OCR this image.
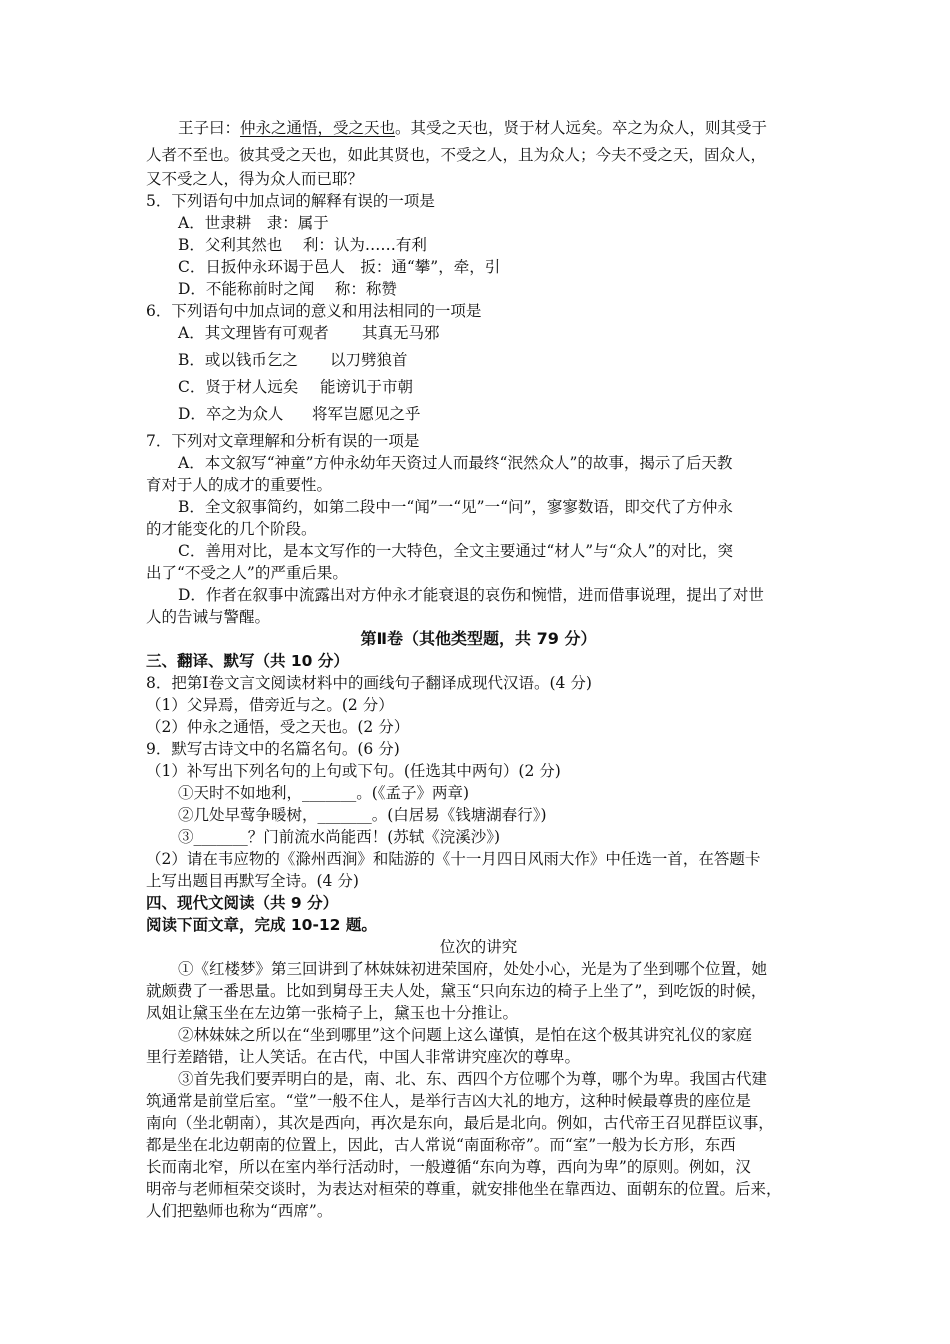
王子曰：仲永之通悟，受之天也。其受之天也，贤于材人远矣。卒之为众人，则其受于
人者不至也。彼其受之天也，如此其贤也，不受之人，且为众人；今夫不受之天，固众人，
又不受之人，得为众人而已耶？
5．下列语句中加点词的解释有误的一项是
A．世隶耕　隶：属于
B．父利其然也　 利：认为……有利
C．日扳仲永环谒于邑人　扳：通“攀”，牵，引
D．不能称前时之闻　 称：称赞
6．下列语句中加点词的意义和用法相同的一项是
A．其文理皆有可观者 其真无马邪
B．或以钱币乞之 以刀劈狼首
C．贤于材人远矣 能谤讥于市朝
D．卒之为众人 将军岂愿见之乎
7．下列对文章理解和分析有误的一项是
A．本文叙写“神童”方仲永幼年天资过人而最终“泯然众人”的故事，揭示了后天教
育对于人的成才的重要性。
B．全文叙事简约，如第二段中一“闻”一“见”一“问”，寥寥数语，即交代了方仲永
的才能变化的几个阶段。
C．善用对比，是本文写作的一大特色，全文主要通过“材人”与“众人”的对比，突
出了“不受之人”的严重后果。
D．作者在叙事中流露出对方仲永才能衰退的哀伤和惋惜，进而借事说理，提出了对世
人的告诫与警醒。
第Ⅱ卷（其他类型题，共 79 分）
三、翻译、默写（共 10 分）
8．把第Ⅰ卷文言文阅读材料中的画线句子翻译成现代汉语。(4 分)
（1）父异焉，借旁近与之。(2 分）
（2）仲永之通悟，受之天也。(2 分）
9．默写古诗文中的名篇名句。(6 分)
（1）补写出下列名句的上句或下句。(任选其中两句）(2 分)
①天时不如地利，_______。(《孟子》两章)
②几处早莺争暖树，_______。(白居易《钱塘湖春行》)
③_______？门前流水尚能西！(苏轼《浣溪沙》)
（2）请在韦应物的《滁州西涧》和陆游的《十一月四日风雨大作》中任选一首，在答题卡
上写出题目再默写全诗。(4 分)
四、现代文阅读（共 9 分）
阅读下面文章，完成 10-12 题。
位次的讲究
①《红楼梦》第三回讲到了林妹妹初进荣国府，处处小心，光是为了坐到哪个位置，她
就颇费了一番思量。比如到舅母王夫人处，黛玉“只向东边的椅子上坐了”，到吃饭的时候，
凤姐让黛玉坐在左边第一张椅子上，黛玉也十分推让。
②林妹妹之所以在“坐到哪里”这个问题上这么谨慎，是怕在这个极其讲究礼仪的家庭
里行差踏错，让人笑话。在古代，中国人非常讲究座次的尊卑。
③首先我们要弄明白的是，南、北、东、西四个方位哪个为尊，哪个为卑。我国古代建
筑通常是前堂后室。“堂”一般不住人，是举行吉凶大礼的地方，这种时候最尊贵的座位是
南向（坐北朝南），其次是西向，再次是东向，最后是北向。例如，古代帝王召见群臣议事，
都是坐在北边朝南的位置上，因此，古人常说“南面称帝”。而“室”一般为长方形，东西
长而南北窄，所以在室内举行活动时，一般遵循“东向为尊，西向为卑”的原则。例如，汉
明帝与老师桓荣交谈时，为表达对桓荣的尊重，就安排他坐在靠西边、面朝东的位置。后来，
人们把塾师也称为“西席”。
